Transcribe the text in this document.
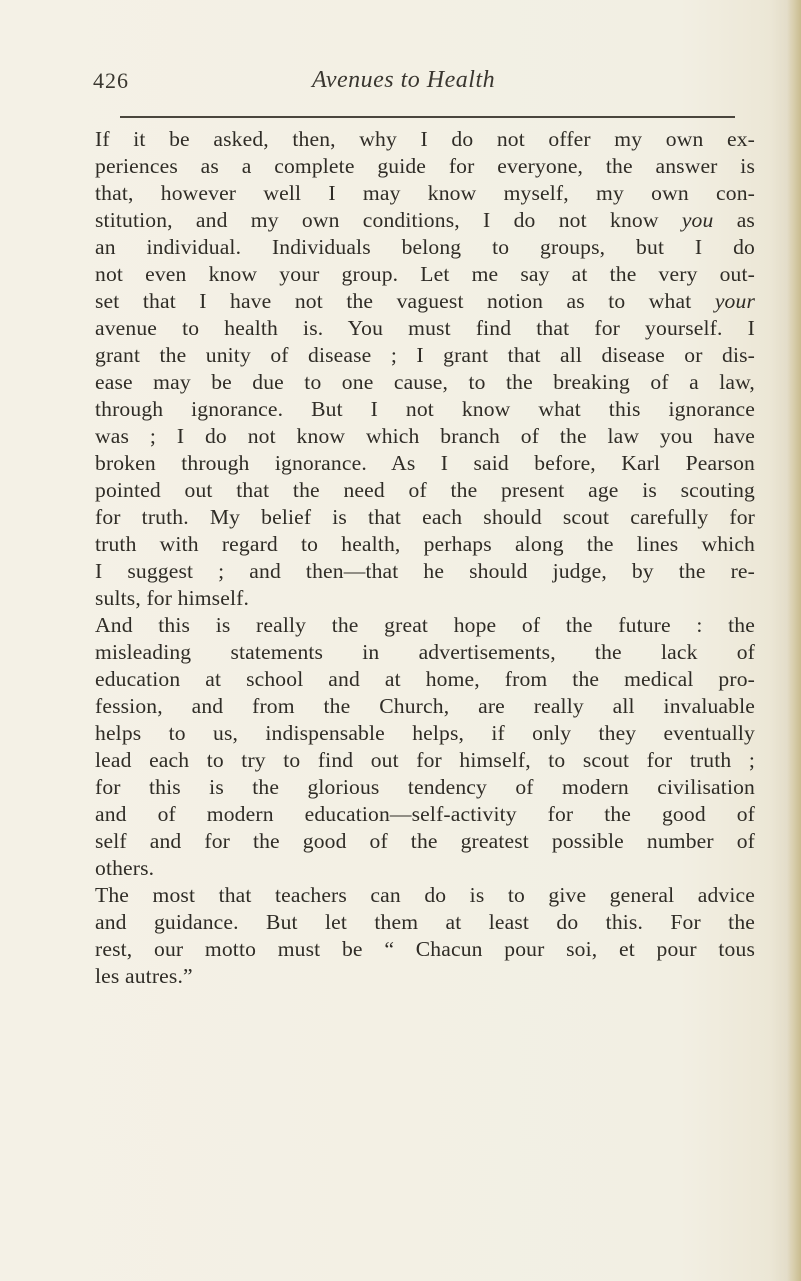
426	Avenues to Health
If it be asked, then, why I do not offer my own ex-
periences as a complete guide for everyone, the answer is
that, however well I may know myself, my own con-
stitution, and my own conditions, I do not know you as
an individual. Individuals belong to groups, but I do
not even know your group. Let me say at the very out-
set that I have not the vaguest notion as to what your
avenue to health is. You must find that for yourself. I
grant the unity of disease ; I grant that all disease or dis-
ease may be due to one cause, to the breaking of a law,
through ignorance. But I not know what this ignorance
was ; I do not know which branch of the law you have
broken through ignorance. As I said before, Karl Pearson
pointed out that the need of the present age is scouting
for truth. My belief is that each should scout carefully for
truth with regard to health, perhaps along the lines which
I suggest ; and then—that he should judge, by the re-
sults, for himself.
And this is really the great hope of the future : the
misleading statements in advertisements, the lack of
education at school and at home, from the medical pro-
fession, and from the Church, are really all invaluable
helps to us, indispensable helps, if only they eventually
lead each to try to find out for himself, to scout for truth ;
for this is the glorious tendency of modern civilisation
and of modern education—self-activity for the good of
self and for the good of the greatest possible number of
others.
The most that teachers can do is to give general advice
and guidance. But let them at least do this. For the
rest, our motto must be “ Chacun pour soi, et pour tous
les autres.”
